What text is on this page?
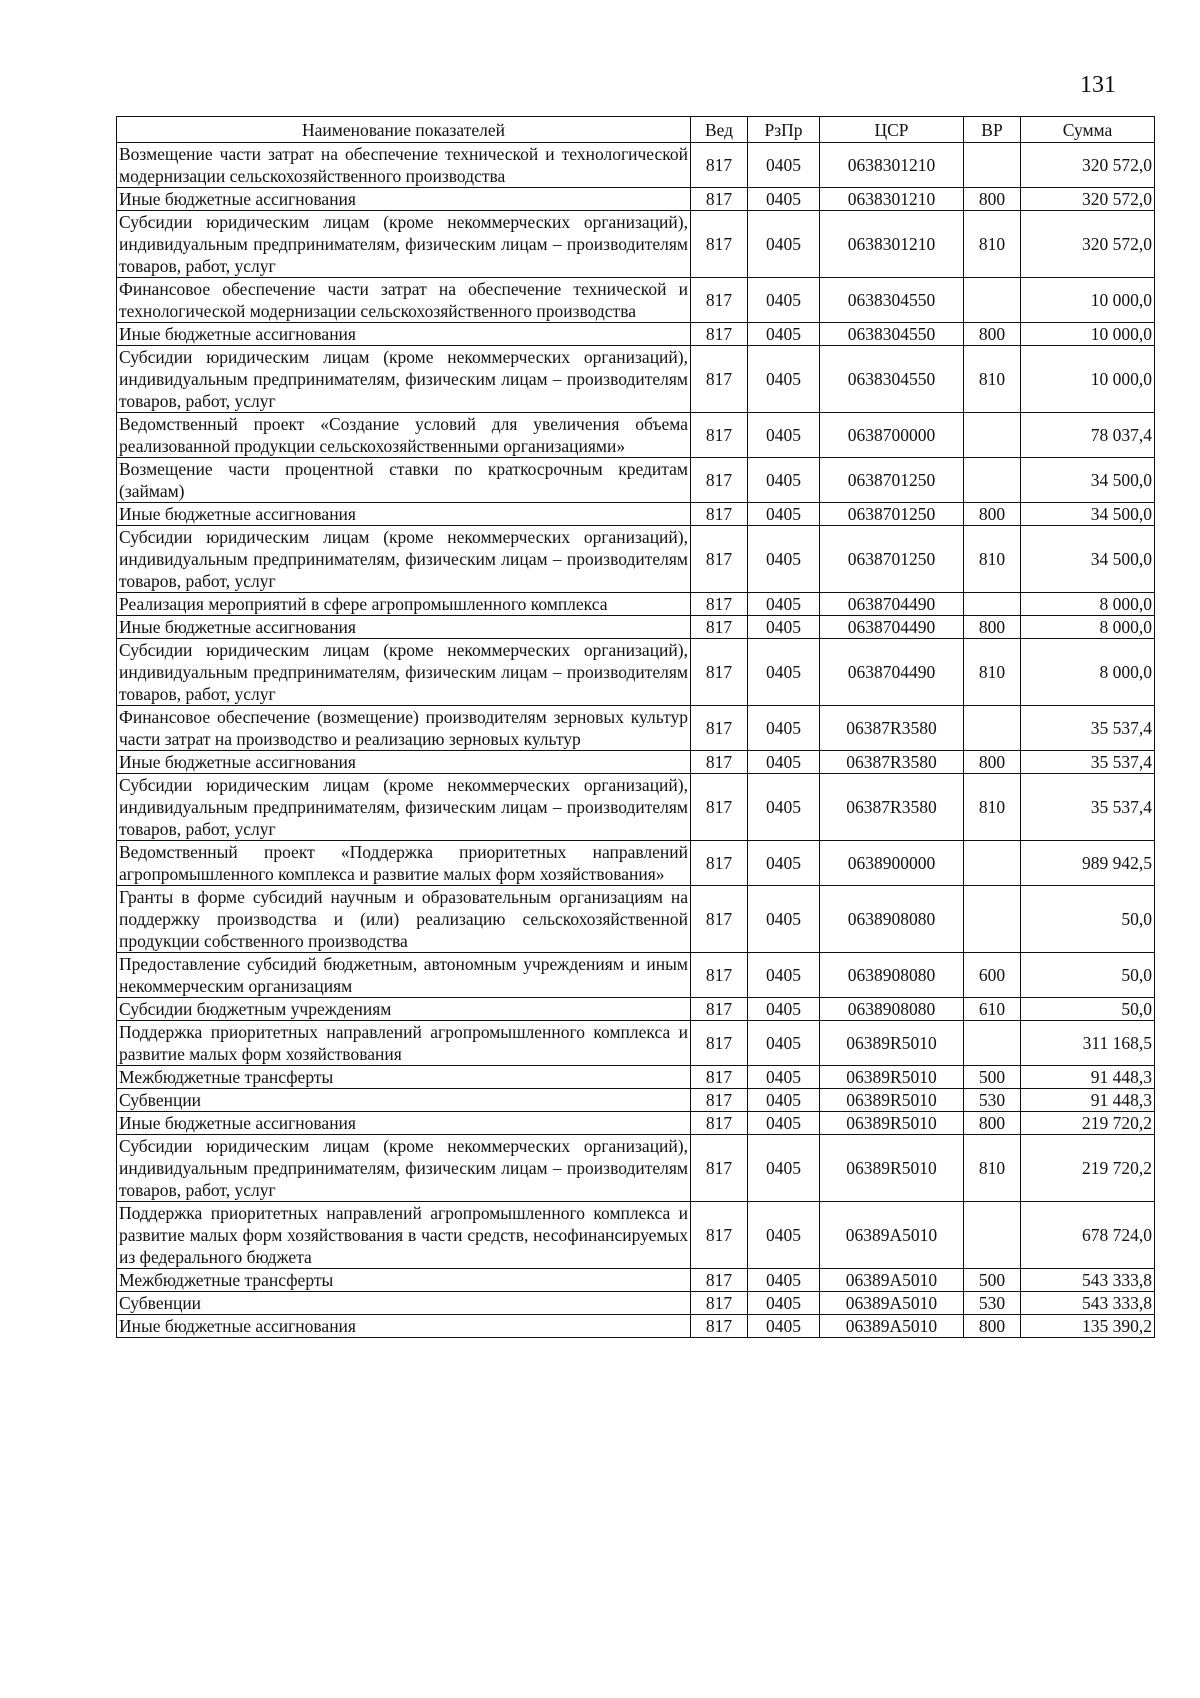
131
Наименование показателей	Вед	РзПр	ЦСР	ВР	Сумма
Возмещение части затрат на обеспечение технической и технологической модернизации сельскохозяйственного производства	817	0405	0638301210		320 572,0
Иные бюджетные ассигнования	817	0405	0638301210	800	320 572,0
Субсидии юридическим лицам (кроме некоммерческих организаций), индивидуальным предпринимателям, физическим лицам – производителям товаров, работ, услуг	817	0405	0638301210	810	320 572,0
Финансовое обеспечение части затрат на обеспечение технической и технологической модернизации сельскохозяйственного производства	817	0405	0638304550		10 000,0
Иные бюджетные ассигнования	817	0405	0638304550	800	10 000,0
Субсидии юридическим лицам (кроме некоммерческих организаций), индивидуальным предпринимателям, физическим лицам – производителям товаров, работ, услуг	817	0405	0638304550	810	10 000,0
Ведомственный проект «Создание условий для увеличения объема реализованной продукции сельскохозяйственными организациями»	817	0405	0638700000		78 037,4
Возмещение части процентной ставки по краткосрочным кредитам (займам)	817	0405	0638701250		34 500,0
Иные бюджетные ассигнования	817	0405	0638701250	800	34 500,0
Субсидии юридическим лицам (кроме некоммерческих организаций), индивидуальным предпринимателям, физическим лицам – производителям товаров, работ, услуг	817	0405	0638701250	810	34 500,0
Реализация мероприятий в сфере агропромышленного комплекса	817	0405	0638704490		8 000,0
Иные бюджетные ассигнования	817	0405	0638704490	800	8 000,0
Субсидии юридическим лицам (кроме некоммерческих организаций), индивидуальным предпринимателям, физическим лицам – производителям товаров, работ, услуг	817	0405	0638704490	810	8 000,0
Финансовое обеспечение (возмещение) производителям зерновых культур части затрат на производство и реализацию зерновых культур	817	0405	06387R3580		35 537,4
Иные бюджетные ассигнования	817	0405	06387R3580	800	35 537,4
Субсидии юридическим лицам (кроме некоммерческих организаций), индивидуальным предпринимателям, физическим лицам – производителям товаров, работ, услуг	817	0405	06387R3580	810	35 537,4
Ведомственный проект «Поддержка приоритетных направлений агропромышленного комплекса и развитие малых форм хозяйствования»	817	0405	0638900000		989 942,5
Гранты в форме субсидий научным и образовательным организациям на поддержку производства и (или) реализацию сельскохозяйственной продукции собственного производства	817	0405	0638908080		50,0
Предоставление субсидий бюджетным, автономным учреждениям и иным некоммерческим организациям	817	0405	0638908080	600	50,0
Субсидии бюджетным учреждениям	817	0405	0638908080	610	50,0
Поддержка приоритетных направлений агропромышленного комплекса и развитие малых форм хозяйствования	817	0405	06389R5010		311 168,5
Межбюджетные трансферты	817	0405	06389R5010	500	91 448,3
Субвенции	817	0405	06389R5010	530	91 448,3
Иные бюджетные ассигнования	817	0405	06389R5010	800	219 720,2
Субсидии юридическим лицам (кроме некоммерческих организаций), индивидуальным предпринимателям, физическим лицам – производителям товаров, работ, услуг	817	0405	06389R5010	810	219 720,2
Поддержка приоритетных направлений агропромышленного комплекса и развитие малых форм хозяйствования в части средств, несофинансируемых из федерального бюджета	817	0405	06389A5010		678 724,0
Межбюджетные трансферты	817	0405	06389A5010	500	543 333,8
Субвенции	817	0405	06389A5010	530	543 333,8
Иные бюджетные ассигнования	817	0405	06389A5010	800	135 390,2
